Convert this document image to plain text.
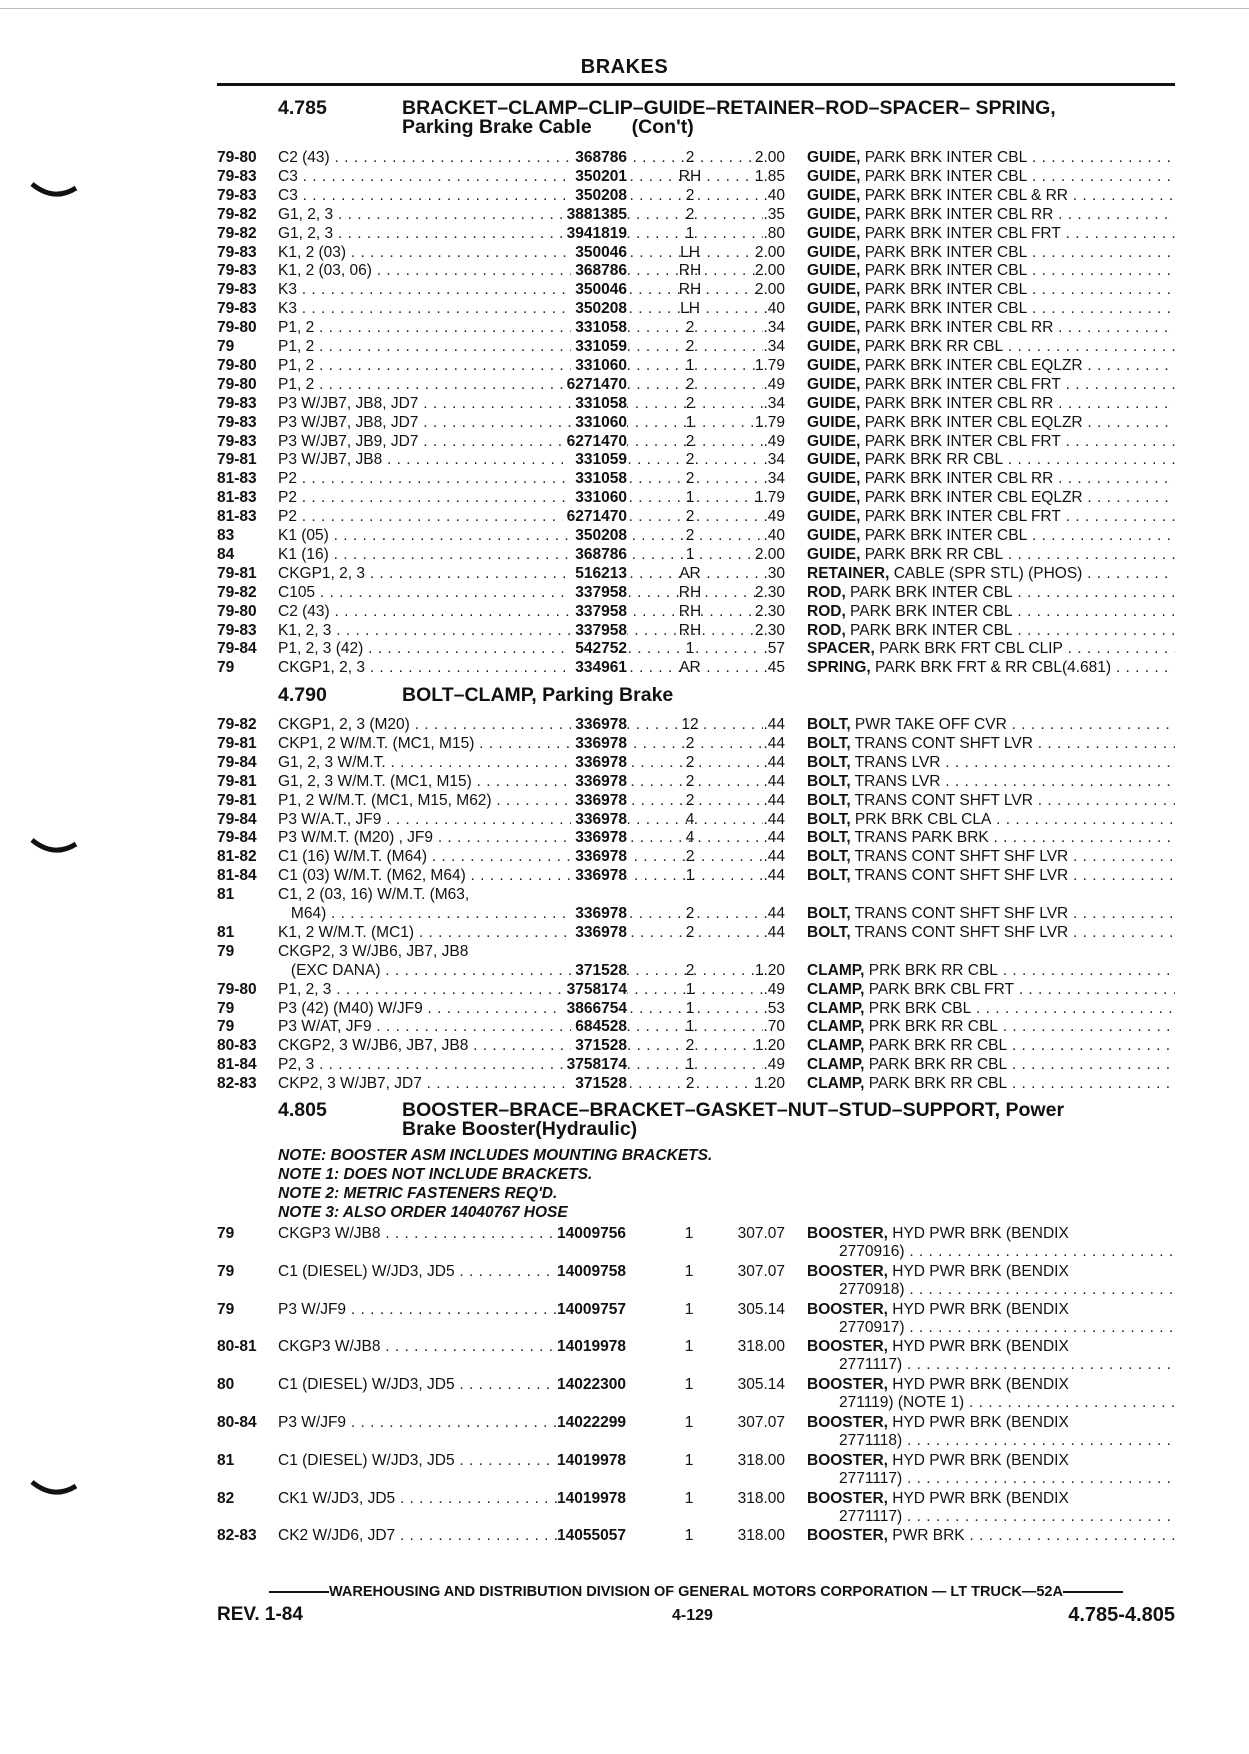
BRAKES
4.785	BRACKET–CLAMP–CLIP–GUIDE–RETAINER–ROD–SPACER– SPRING,
Parking Brake Cable (Con't)
79-80 C2 (43) . . .	368786	2	2.00 GUIDE, PARK BRK INTER CBL . . .
79-83 C3 . . .	350201	RH	1.85 GUIDE, PARK BRK INTER CBL . . .
79-83 C3 . . .	350208	2	.40 GUIDE, PARK BRK INTER CBL & RR . . .
79-82 G1, 2, 3 . . .	3881385	2	.35 GUIDE, PARK BRK INTER CBL RR . . .
79-82 G1, 2, 3 . . .	3941819	1	.80 GUIDE, PARK BRK INTER CBL FRT . . .
79-83 K1, 2 (03) . . .	350046	LH	2.00 GUIDE, PARK BRK INTER CBL . . .
79-83 K1, 2 (03, 06) . . .	368786	RH	2.00 GUIDE, PARK BRK INTER CBL . . .
79-83 K3 . . .	350046	RH	2.00 GUIDE, PARK BRK INTER CBL . . .
79-83 K3 . . .	350208	LH	.40 GUIDE, PARK BRK INTER CBL . . .
79-80 P1, 2 . . .	331058	2	.34 GUIDE, PARK BRK INTER CBL RR . . .
79	P1, 2 . . .	331059	2	.34 GUIDE, PARK BRK RR CBL . . .
79-80 P1, 2 . . .	331060	1	1.79 GUIDE, PARK BRK INTER CBL EQLZR . . .
79-80 P1, 2 . . .	6271470	2	.49 GUIDE, PARK BRK INTER CBL FRT . . .
79-83 P3 W/JB7, JB8, JD7 . . .	331058	2	.34 GUIDE, PARK BRK INTER CBL RR . . .
79-83 P3 W/JB7, JB8, JD7 . . .	331060	1	1.79 GUIDE, PARK BRK INTER CBL EQLZR . . .
79-83 P3 W/JB7, JB9, JD7 . . .	6271470	2	.49 GUIDE, PARK BRK INTER CBL FRT . . .
79-81 P3 W/JB7, JB8 . . .	331059	2	.34 GUIDE, PARK BRK RR CBL . . .
81-83 P2 . . .	331058	2	.34 GUIDE, PARK BRK INTER CBL RR . . .
81-83 P2 . . .	331060	1	1.79 GUIDE, PARK BRK INTER CBL EQLZR . . .
81-83 P2 . . .	6271470	2	.49 GUIDE, PARK BRK INTER CBL FRT . . .
83	K1 (05) . . .	350208	2	.40 GUIDE, PARK BRK INTER CBL . . .
84	K1 (16) . . .	368786	1	2.00 GUIDE, PARK BRK RR CBL . . .
79-81 CKGP1, 2, 3 . . .	516213	AR	.30 RETAINER, CABLE (SPR STL) (PHOS) . . .
79-82 C105 . . .	337958	RH	2.30 ROD, PARK BRK INTER CBL . . .
79-80 C2 (43) . . .	337958	RH	2.30 ROD, PARK BRK INTER CBL . . .
79-83 K1, 2, 3 . . .	337958	RH	2.30 ROD, PARK BRK INTER CBL . . .
79-84 P1, 2, 3 (42) . . .	542752	1	.57 SPACER, PARK BRK FRT CBL CLIP . . .
79	CKGP1, 2, 3 . . .	334961	AR	.45 SPRING, PARK BRK FRT & RR CBL(4.681) . . .
4.790	BOLT–CLAMP, Parking Brake
79-82 CKGP1, 2, 3 (M20) . . .	336978	12	.44 BOLT, PWR TAKE OFF CVR . . .
79-81 CKP1, 2 W/M.T. (MC1, M15) . . .	336978	2	.44 BOLT, TRANS CONT SHFT LVR . . .
79-84 G1, 2, 3 W/M.T. . . .	336978	2	.44 BOLT, TRANS LVR . . .
79-81 G1, 2, 3 W/M.T. (MC1, M15) . . .	336978	2	.44 BOLT, TRANS LVR . . .
79-81 P1, 2 W/M.T. (MC1, M15, M62) . . .	336978	2	.44 BOLT, TRANS CONT SHFT LVR . . .
79-84 P3 W/A.T., JF9 . . .	336978	4	.44 BOLT, PRK BRK CBL CLA . . .
79-84 P3 W/M.T. (M20) , JF9 . . .	336978	4	.44 BOLT, TRANS PARK BRK . . .
81-82 C1 (16) W/M.T. (M64) . . .	336978	2	.44 BOLT, TRANS CONT SHFT SHF LVR . . .
81-84 C1 (03) W/M.T. (M62, M64) . . .	336978	1	.44 BOLT, TRANS CONT SHFT SHF LVR . . .
81	C1, 2 (03, 16) W/M.T. (M63,
M64) . . .	336978	2	.44 BOLT, TRANS CONT SHFT SHF LVR . . .
81	K1, 2 W/M.T. (MC1) . . .	336978	2	.44 BOLT, TRANS CONT SHFT SHF LVR . . .
79	CKGP2, 3 W/JB6, JB7, JB8
(EXC DANA) . . .	371528	2	1.20 CLAMP, PRK BRK RR CBL . . .
79-80 P1, 2, 3 . . .	3758174	1	.49 CLAMP, PARK BRK CBL FRT . . .
79	P3 (42) (M40) W/JF9 . . .	3866754	1	.53 CLAMP, PRK BRK CBL . . .
79	P3 W/AT, JF9 . . .	684528	1	.70 CLAMP, PRK BRK RR CBL . . .
80-83 CKGP2, 3 W/JB6, JB7, JB8 . . .	371528	2	1.20 CLAMP, PARK BRK RR CBL . . .
81-84 P2, 3 . . .	3758174	1	.49 CLAMP, PARK BRK RR CBL . . .
82-83 CKP2, 3 W/JB7, JD7 . . .	371528	2	1.20 CLAMP, PARK BRK RR CBL . . .
4.805	BOOSTER–BRACE–BRACKET–GASKET–NUT–STUD–SUPPORT, Power
Brake Booster(Hydraulic)
NOTE: BOOSTER ASM INCLUDES MOUNTING BRACKETS.
NOTE 1: DOES NOT INCLUDE BRACKETS.
NOTE 2: METRIC FASTENERS REQ'D.
NOTE 3: ALSO ORDER 14040767 HOSE
79	CKGP3 W/JB8 . . .	14009756	1	307.07 BOOSTER, HYD PWR BRK (BENDIX
2770916) . . .
79	C1 (DIESEL) W/JD3, JD5 . . .	14009758	1	307.07 BOOSTER, HYD PWR BRK (BENDIX
2770918) . . .
79	P3 W/JF9 . . .	14009757	1	305.14 BOOSTER, HYD PWR BRK (BENDIX
2770917) . . .
80-81 CKGP3 W/JB8 . . .	14019978	1	318.00 BOOSTER, HYD PWR BRK (BENDIX
2771117) . . .
80	C1 (DIESEL) W/JD3, JD5 . . .	14022300	1	305.14 BOOSTER, HYD PWR BRK (BENDIX
271119) (NOTE 1) . . .
80-84 P3 W/JF9 . . .	14022299	1	307.07 BOOSTER, HYD PWR BRK (BENDIX
2771118) . . .
81	C1 (DIESEL) W/JD3, JD5 . . .	14019978	1	318.00 BOOSTER, HYD PWR BRK (BENDIX
2771117) . . .
82	CK1 W/JD3, JD5 . . .	14019978	1	318.00 BOOSTER, HYD PWR BRK (BENDIX
2771117) . . .
82-83 CK2 W/JD6, JD7 . . .	14055057	1	318.00 BOOSTER, PWR BRK . . .
WAREHOUSING AND DISTRIBUTION DIVISION OF GENERAL MOTORS CORPORATION — LT TRUCK—52A
REV. 1-84	4-129	4.785-4.805
